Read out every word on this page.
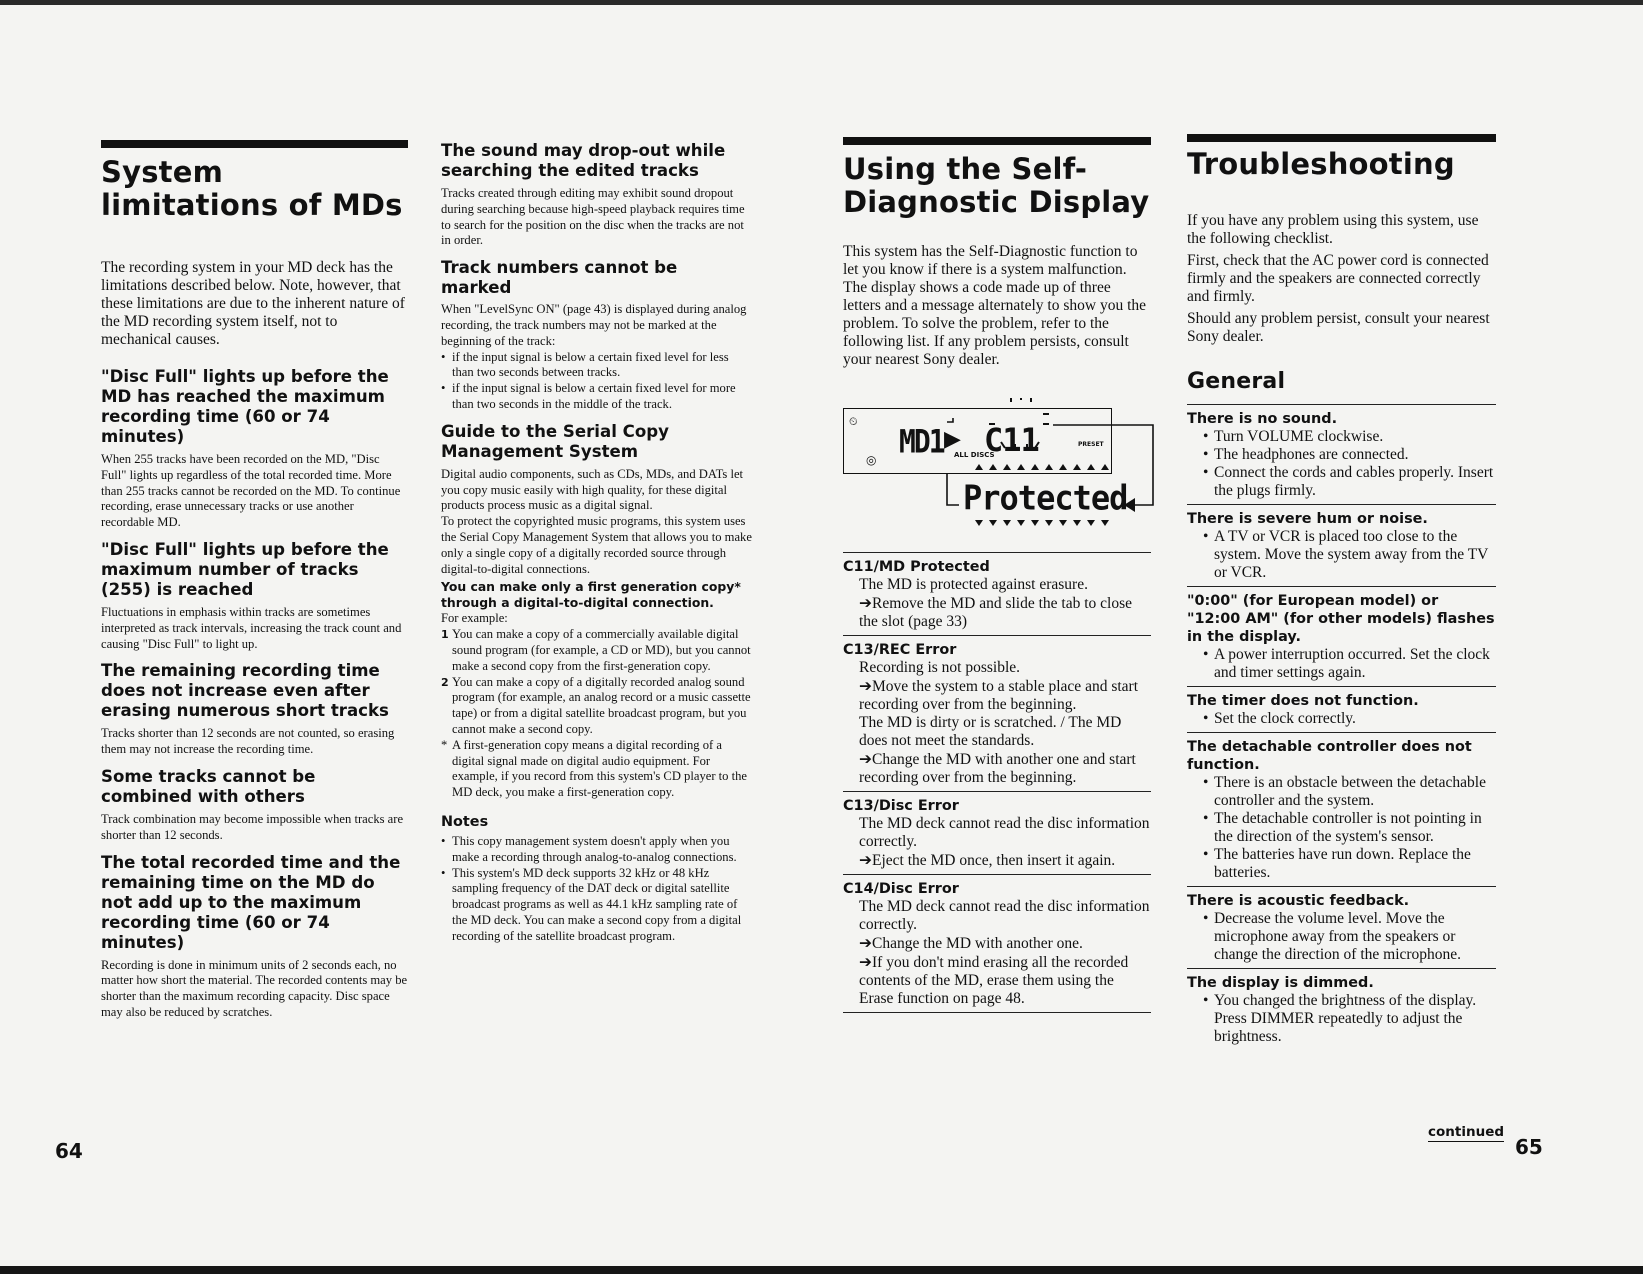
System limitations of MDs

The recording system in your MD deck has the limitations described below. Note, however, that these limitations are due to the inherent nature of the MD recording system itself, not to mechanical causes.

"Disc Full" lights up before the MD has reached the maximum recording time (60 or 74 minutes)

When 255 tracks have been recorded on the MD, "Disc Full" lights up regardless of the total recorded time. More than 255 tracks cannot be recorded on the MD. To continue recording, erase unnecessary tracks or use another recordable MD.

"Disc Full" lights up before the maximum number of tracks (255) is reached

Fluctuations in emphasis within tracks are sometimes interpreted as track intervals, increasing the track count and causing "Disc Full" to light up.

The remaining recording time does not increase even after erasing numerous short tracks

Tracks shorter than 12 seconds are not counted, so erasing them may not increase the recording time.

Some tracks cannot be combined with others

Track combination may become impossible when tracks are shorter than 12 seconds.

The total recorded time and the remaining time on the MD do not add up to the maximum recording time (60 or 74 minutes)

Recording is done in minimum units of 2 seconds each, no matter how short the material. The recorded contents may be shorter than the maximum recording capacity. Disc space may also be reduced by scratches.

The sound may drop-out while searching the edited tracks

Tracks created through editing may exhibit sound dropout during searching because high-speed playback requires time to search for the position on the disc when the tracks are not in order.

Track numbers cannot be marked

When "LevelSync ON" (page 43) is displayed during analog recording, the track numbers may not be marked at the beginning of the track:

• if the input signal is below a certain fixed level for less than two seconds between tracks.
• if the input signal is below a certain fixed level for more than two seconds in the middle of the track.
Guide to the Serial Copy Management System

Digital audio components, such as CDs, MDs, and DATs let you copy music easily with high quality, for these digital products process music as a digital signal.

To protect the copyrighted music programs, this system uses the Serial Copy Management System that allows you to make only a single copy of a digitally recorded source through digital-to-digital connections.

You can make only a first generation copy* through a digital-to-digital connection.

For example:

1 You can make a copy of a commercially available digital sound program (for example, a CD or MD), but you cannot make a second copy from the first-generation copy.
2 You can make a copy of a digitally recorded analog sound program (for example, an analog record or a music cassette tape) or from a digital satellite broadcast program, but you cannot make a second copy.

* A first-generation copy means a digital recording of a digital signal made on digital audio equipment. For example, if you record from this system's CD player to the MD deck, you make a first-generation copy.

Notes
• This copy management system doesn't apply when you make a recording through analog-to-analog connections.
• This system's MD deck supports 32 kHz or 48 kHz sampling frequency of the DAT deck or digital satellite broadcast programs as well as 44.1 kHz sampling rate of the MD deck. You can make a second copy from a digital recording of the satellite broadcast program.
64
Using the Self-Diagnostic Display

This system has the Self-Diagnostic function to let you know if there is a system malfunction. The display shows a code made up of three letters and a message alternately to show you the problem. To solve the problem, refer to the following list. If any problem persists, consult your nearest Sony dealer.

⏲
◎ MD1 ▶ C11
ALL DISCS
PRESET
Protected
C11/MD Protected

The MD is protected against erasure.

➔Remove the MD and slide the tab to close the slot (page 33)

C13/REC Error

Recording is not possible.

➔Move the system to a stable place and start recording over from the beginning.

The MD is dirty or is scratched. / The MD does not meet the standards.

➔Change the MD with another one and start recording over from the beginning.

C13/Disc Error

The MD deck cannot read the disc information correctly.

➔Eject the MD once, then insert it again.

C14/Disc Error

The MD deck cannot read the disc information correctly.

➔Change the MD with another one.

➔If you don't mind erasing all the recorded contents of the MD, erase them using the Erase function on page 48.

Troubleshooting

If you have any problem using this system, use the following checklist.

First, check that the AC power cord is connected firmly and the speakers are connected correctly and firmly.

Should any problem persist, consult your nearest Sony dealer.

General
There is no sound.
• Turn VOLUME clockwise.
• The headphones are connected.
• Connect the cords and cables properly. Insert the plugs firmly.
There is severe hum or noise.
• A TV or VCR is placed too close to the system. Move the system away from the TV or VCR.
"0:00" (for European model) or "12:00 AM" (for other models) flashes in the display.
• A power interruption occurred. Set the clock and timer settings again.
The timer does not function.
• Set the clock correctly.
The detachable controller does not function.
• There is an obstacle between the detachable controller and the system.
• The detachable controller is not pointing in the direction of the system's sensor.
• The batteries have run down. Replace the batteries.
There is acoustic feedback.
• Decrease the volume level. Move the microphone away from the speakers or change the direction of the microphone.
The display is dimmed.
• You changed the brightness of the display. Press DIMMER repeatedly to adjust the brightness.
continued
65
